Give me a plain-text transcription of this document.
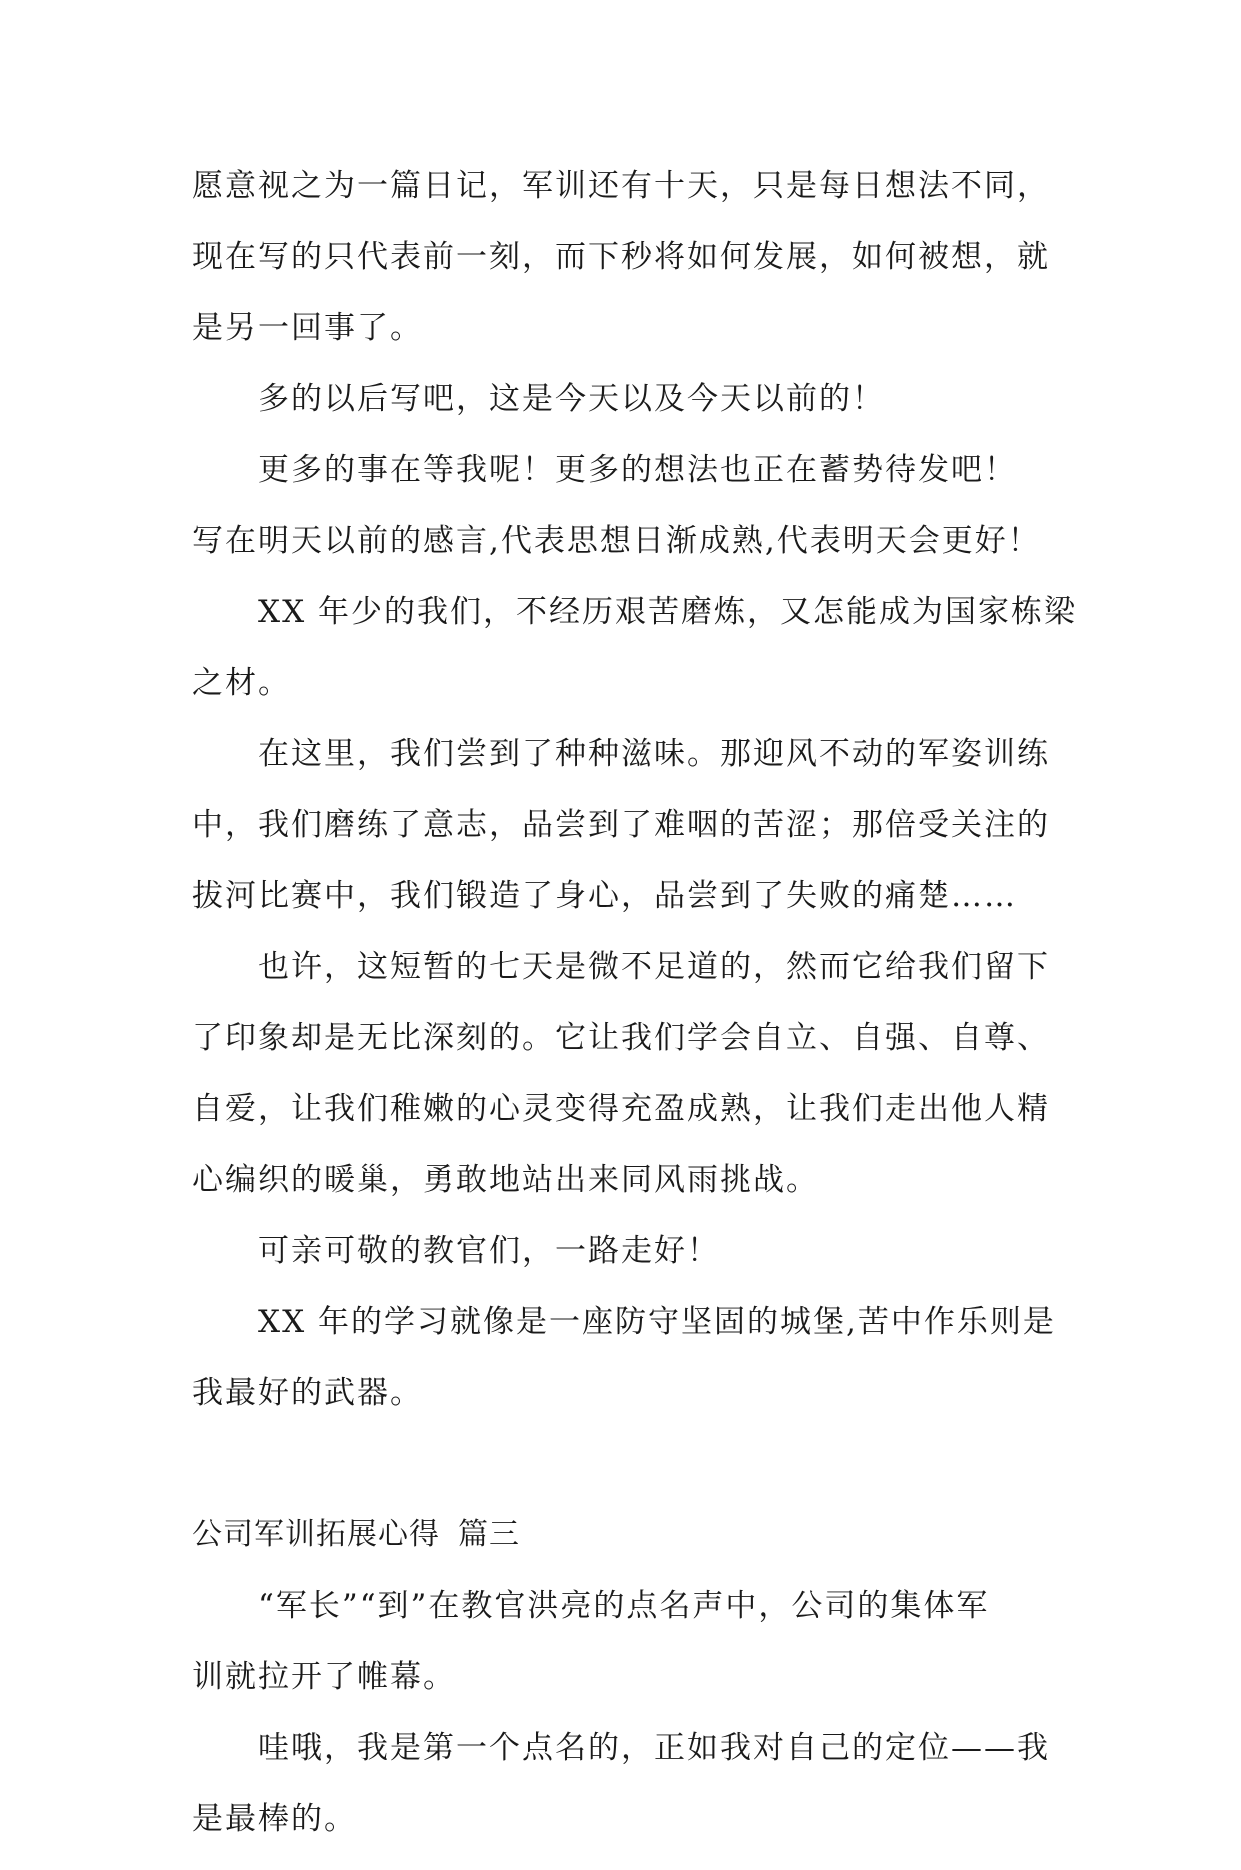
愿意视之为一篇日记，军训还有十天，只是每日想法不同，
现在写的只代表前一刻，而下秒将如何发展，如何被想，就
是另一回事了。
多的以后写吧，这是今天以及今天以前的！
更多的事在等我呢！更多的想法也正在蓄势待发吧！
写在明天以前的感言,代表思想日渐成熟,代表明天会更好！
XX 年少的我们，不经历艰苦磨炼，又怎能成为国家栋梁
之材。
在这里，我们尝到了种种滋味。那迎风不动的军姿训练
中，我们磨练了意志，品尝到了难咽的苦涩；那倍受关注的
拔河比赛中，我们锻造了身心，品尝到了失败的痛楚……
也许，这短暂的七天是微不足道的，然而它给我们留下
了印象却是无比深刻的。它让我们学会自立、自强、自尊、
自爱，让我们稚嫩的心灵变得充盈成熟，让我们走出他人精
心编织的暖巢，勇敢地站出来同风雨挑战。
可亲可敬的教官们，一路走好！
XX 年的学习就像是一座防守坚固的城堡,苦中作乐则是
我最好的武器。
公司军训拓展心得 篇三
“军长”“到”在教官洪亮的点名声中，公司的集体军
训就拉开了帷幕。
哇哦，我是第一个点名的，正如我对自己的定位——我
是最棒的。
